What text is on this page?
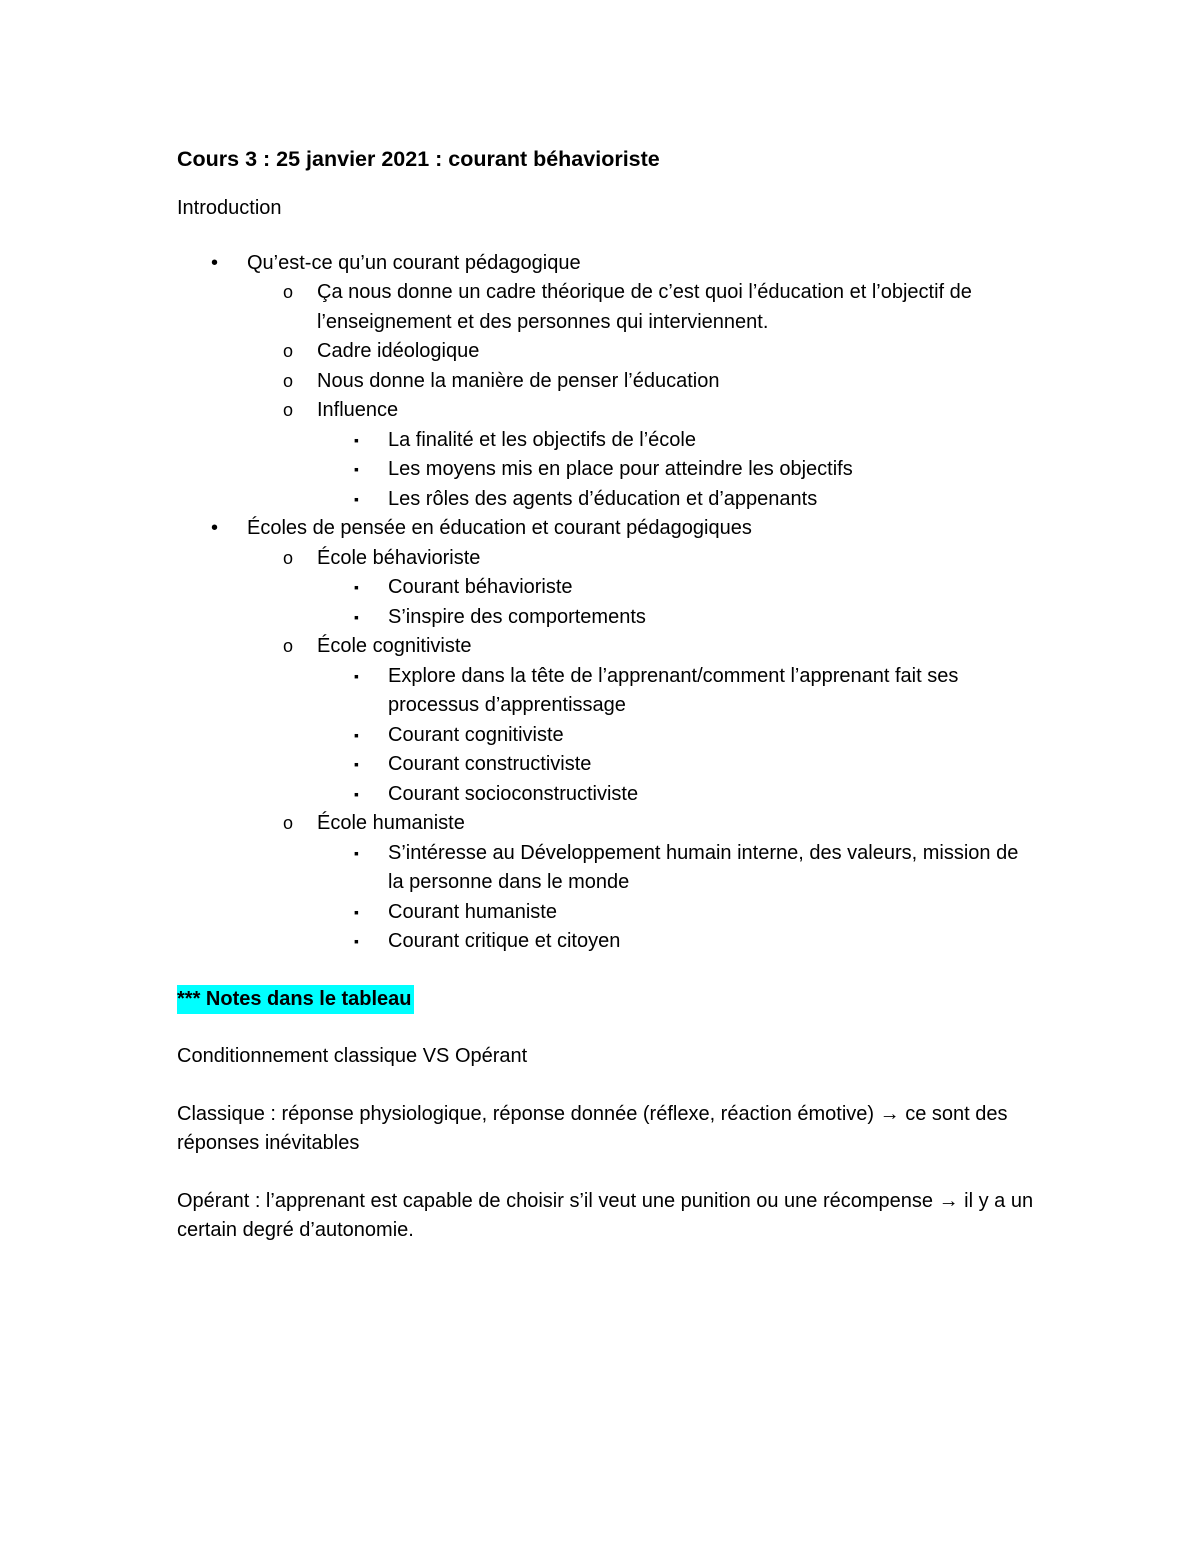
Cours 3 : 25 janvier 2021 : courant béhavioriste
Introduction
• Qu’est-ce qu’un courant pédagogique
o Ça nous donne un cadre théorique de c’est quoi l’éducation et l’objectif de l’enseignement et des personnes qui interviennent.
o Cadre idéologique
o Nous donne la manière de penser l’éducation
o Influence
▪ La finalité et les objectifs de l’école
▪ Les moyens mis en place pour atteindre les objectifs
▪ Les rôles des agents d’éducation et d’appenants
• Écoles de pensée en éducation et courant pédagogiques
o École béhavioriste
▪ Courant béhavioriste
▪ S’inspire des comportements
o École cognitiviste
▪ Explore dans la tête de l’apprenant/comment l’apprenant fait ses processus d’apprentissage
▪ Courant cognitiviste
▪ Courant constructiviste
▪ Courant socioconstructiviste
o École humaniste
▪ S’intéresse au Développement humain interne, des valeurs, mission de la personne dans le monde
▪ Courant humaniste
▪ Courant critique et citoyen
*** Notes dans le tableau
Conditionnement classique VS Opérant
Classique : réponse physiologique, réponse donnée (réflexe, réaction émotive) → ce sont des réponses inévitables
Opérant : l’apprenant est capable de choisir s’il veut une punition ou une récompense → il y a un certain degré d’autonomie.
